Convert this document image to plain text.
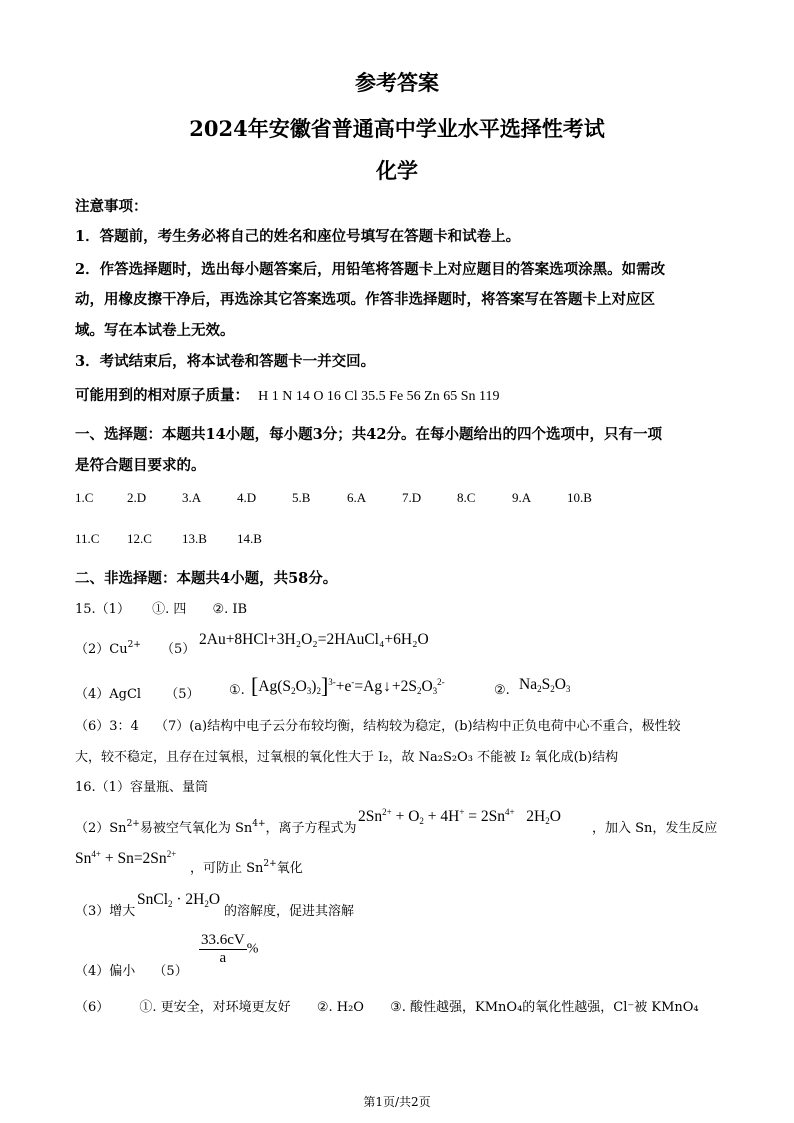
参考答案
2024年安徽省普通高中学业水平选择性考试
化学
注意事项：
1．答题前，考生务必将自己的姓名和座位号填写在答题卡和试卷上。
2．作答选择题时，选出每小题答案后，用铅笔将答题卡上对应题目的答案选项涂黑。如需改
动，用橡皮擦干净后，再选涂其它答案选项。作答非选择题时，将答案写在答题卡上对应区
域。写在本试卷上无效。
3．考试结束后，将本试卷和答题卡一并交回。
可能用到的相对原子质量： H 1 N 14 O 16 Cl 35.5 Fe 56 Zn 65 Sn 119
一、选择题：本题共14小题，每小题3分；共42分。在每小题给出的四个选项中，只有一项
是符合题目要求的。
1.C	2.D	3.A	4.D	5.B	6.A	7.D	8.C	9.A	10.B
11.C 12.C 13.B 14.B
二、非选择题：本题共4小题，共58分。
15.（1） ①. 四 ②. ⅠB
$(2)Cu^{2+}$ （5）
2Au+8HCl+3H₂O₂=2HAuCl₄+6H₂O
（4）AgCl （5） ①. $[Ag(S_2O_3)_2]^{3-}+e^-=Ag↓+2S_2O_3^{2-}$
②. $Na_2S_2O_3$
（6）3：4 （7）(a)结构中电子云分布较均衡，结构较为稳定，(b)结构中正负电荷中心不重合，极性较
大，较不稳定，且存在过氧根，过氧根的氧化性大于 I₂，故 Na₂S₂O₃ 不能被 I₂ 氧化成(b)结构
16.（1）容量瓶、量筒
$(2)Sn^{2+}$易被空气氧化为 $Sn^{4+}$，离子方程式为
$2Sn^{2+} + O_2 + 4H^+ = 2Sn^{4+}$   $2H_2O$
，加入 Sn，发生反应
$Sn^{4+} + Sn=2Sn^{2+}$
，可防止 $Sn^{2+}$氧化
（3）增大
SnCl$_2$ · $2H_2O$
的溶解度，促进其溶解
（4）偏小 （5）
$\frac{33.6cV}{a}$ %
（6） ①. 更安全，对环境更友好 ②. H₂O ③. 酸性越强，KMnO₄的氧化性越强，Cl⁻被 KMnO₄
第1页/共2页
